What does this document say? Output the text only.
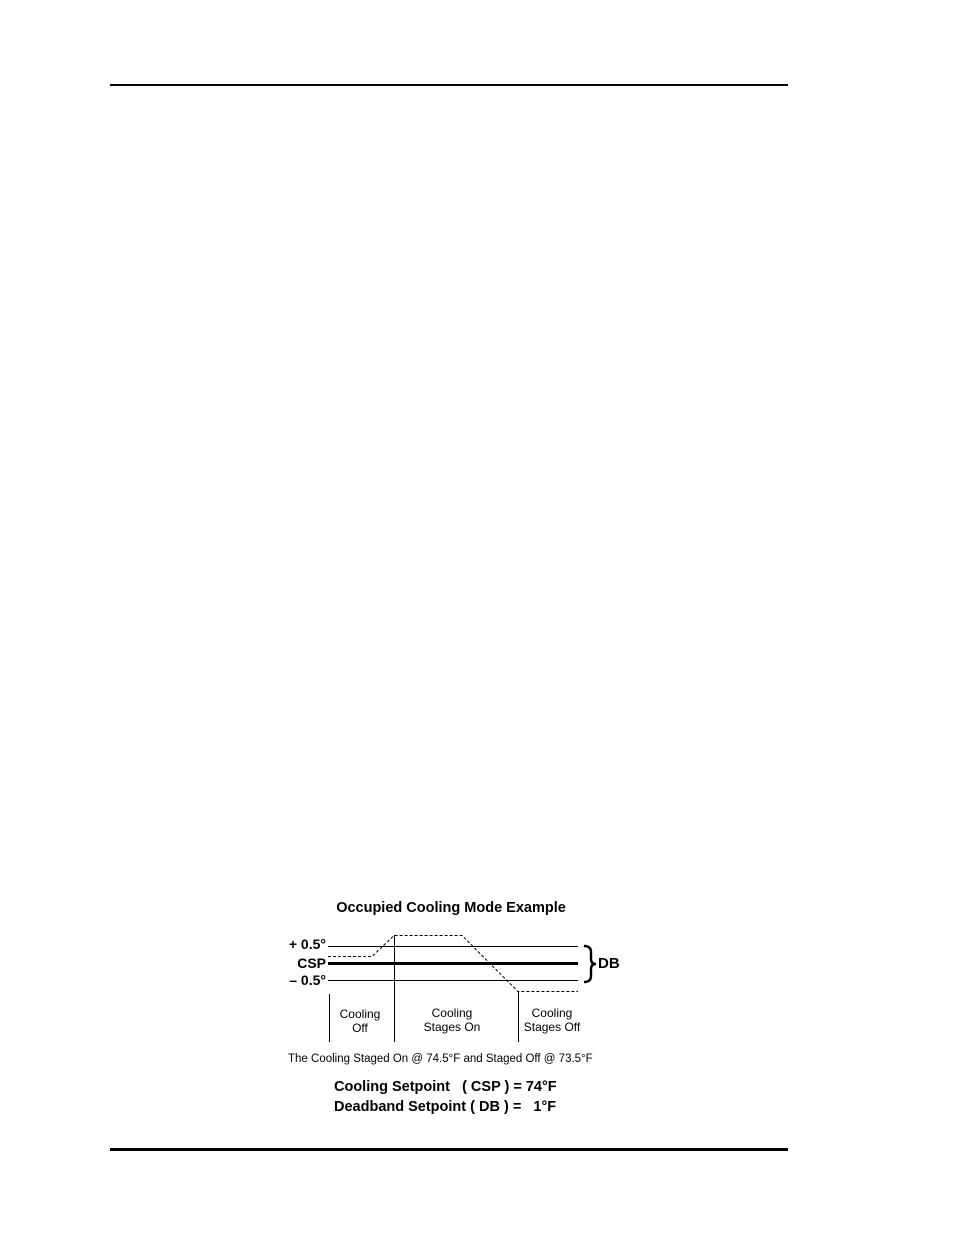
Occupied Cooling Mode Example
+ 0.5°
CSP
– 0.5°
DB
Cooling
Off
Cooling
Stages On
Cooling
Stages Off
The Cooling Staged On @ 74.5°F and Staged Off @ 73.5°F
Cooling Setpoint   ( CSP ) = 74°F
Deadband Setpoint ( DB ) =   1°F
